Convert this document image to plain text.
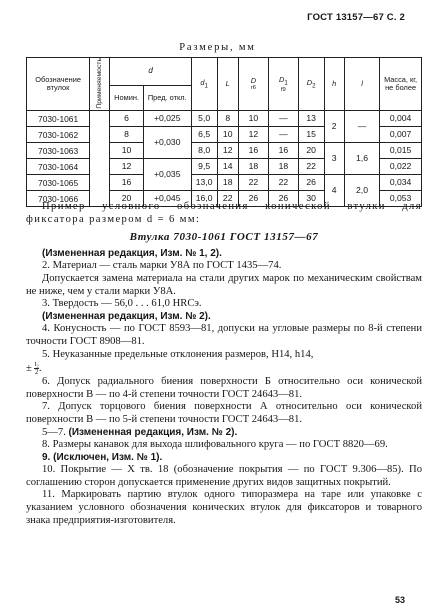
ГОСТ 13157—67 С. 2
Размеры, мм
Обозначение втулок	Применяемость	d		$d_1$	L	D
r6	$D_1$
f9	$D_2$	h	l	Масса, кг, не более
		Номин.	Пред. откл.								
7030-1061		6	+0,025	5,0	8	10	—	13	2	—	0,004
7030-1062		8	+0,030	6,5	10	12	—	15			0,007
7030-1063		10		8,0	12	16	16	20	3	1,6	0,015
7030-1064		12	+0,035	9,5	14	18	18	22			0,022
7030-1065		16		13,0	18	22	22	26	4	2,0	0,034
7030-1066		20	+0,045	16,0	22	26	26	30			0,053

Пример условного обозначения конической втулки для фиксатора размером d = 6 мм:

Втулка 7030-1061 ГОСТ 13157—67

(Измененная редакция, Изм. № 1, 2).

2. Материал — сталь марки У8А по ГОСТ 1435—74.

Допускается замена материала на стали других марок по механическим свойствам не ниже, чем у стали марки У8А.

3. Твердость — 56,0 . . . 61,0 HRCэ.

(Измененная редакция, Изм. № 2).

4. Конусность — по ГОСТ 8593—81, допуски на угловые размеры по 8-й степени точности ГОСТ 8908—81.

5. Неуказанные предельные отклонения размеров, H14, h14,

± $\frac{\text{t₂}}{2}$ .

6. Допуск радиального биения поверхности Б относительно оси конической поверхности В — по 4-й степени точности ГОСТ 24643—81.

7. Допуск торцового биения поверхности А относительно оси конической поверхности В — по 5-й степени точности ГОСТ 24643—81.

5—7. (Измененная редакция, Изм. № 2).

8. Размеры канавок для выхода шлифовального круга — по ГОСТ 8820—69.

9. (Исключен, Изм. № 1).

10. Покрытие — Х тв. 18 (обозначение покрытия — по ГОСТ 9.306—85). По соглашению сторон допускается применение других видов защитных покрытий.

11. Маркировать партию втулок одного типоразмера на таре или упаковке с указанием условного обозначения конических втулок для фиксаторов и товарного знака предприятия-изготовителя.

53
